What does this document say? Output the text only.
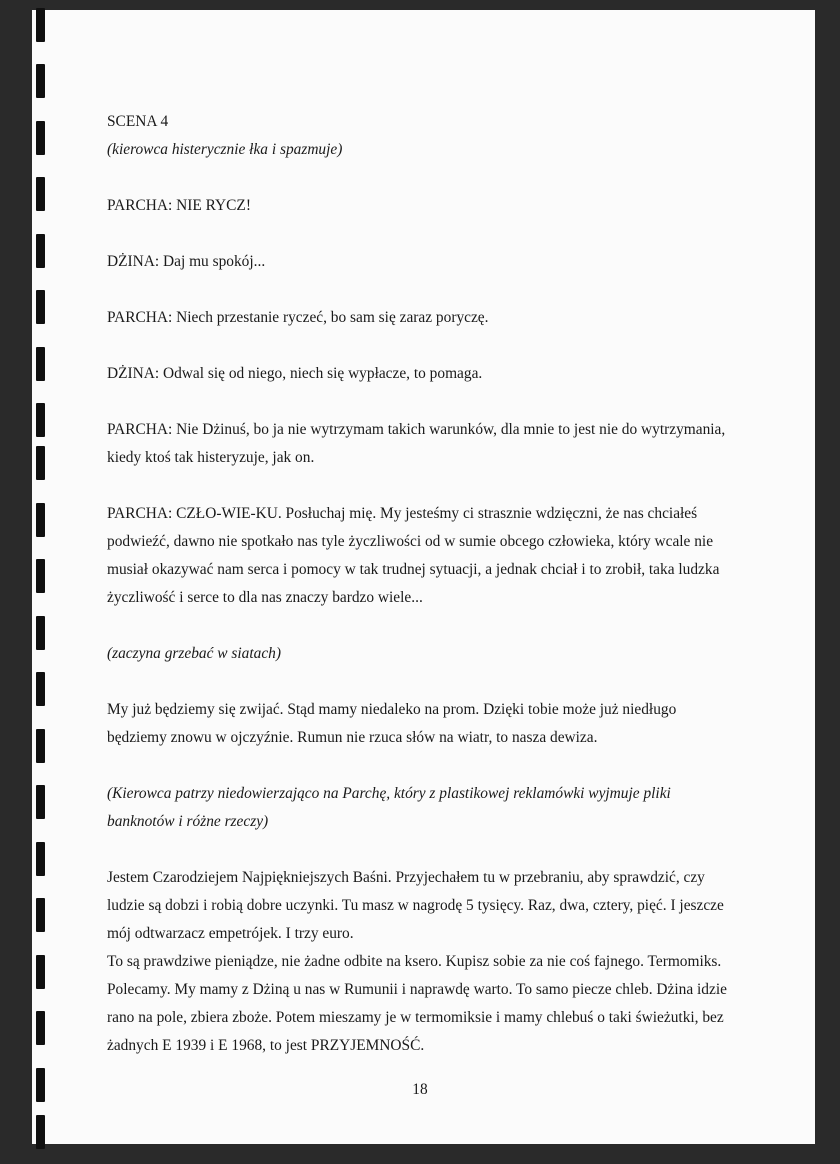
SCENA 4

(kierowca histerycznie łka i spazmuje)

PARCHA: NIE RYCZ!

DŻINA: Daj mu spokój...

PARCHA: Niech przestanie ryczeć, bo sam się zaraz poryczę.

DŻINA: Odwal się od niego, niech się wypłacze, to pomaga.

PARCHA: Nie Dżinuś, bo ja nie wytrzymam takich warunków, dla mnie to jest nie do wytrzymania, kiedy ktoś tak histeryzuje, jak on.

PARCHA: CZŁO-WIE-KU. Posłuchaj mię. My jesteśmy ci strasznie wdzięczni, że nas chciałeś podwieźć, dawno nie spotkało nas tyle życzliwości od w sumie obcego człowieka, który wcale nie musiał okazywać nam serca i pomocy w tak trudnej sytuacji, a jednak chciał i to zrobił, taka ludzka życzliwość i serce to dla nas znaczy bardzo wiele...

(zaczyna grzebać w siatach)

My już będziemy się zwijać. Stąd mamy niedaleko na prom. Dzięki tobie może już niedługo będziemy znowu w ojczyźnie. Rumun nie rzuca słów na wiatr, to nasza dewiza.

(Kierowca patrzy niedowierzająco na Parchę, który z plastikowej reklamówki wyjmuje pliki banknotów i różne rzeczy)

Jestem Czarodziejem Najpiękniejszych Baśni. Przyjechałem tu w przebraniu, aby sprawdzić, czy ludzie są dobzi i robią dobre uczynki. Tu masz w nagrodę 5 tysięcy. Raz, dwa, cztery, pięć. I jeszcze mój odtwarzacz empetrójek. I trzy euro.

To są prawdziwe pieniądze, nie żadne odbite na ksero. Kupisz sobie za nie coś fajnego. Termomiks. Polecamy. My mamy z Dżiną u nas w Rumunii i naprawdę warto. To samo piecze chleb. Dżina idzie rano na pole, zbiera zboże. Potem mieszamy je w termomiksie i mamy chlebuś o taki świeżutki, bez żadnych E 1939 i E 1968, to jest PRZYJEMNOŚĆ.

18
